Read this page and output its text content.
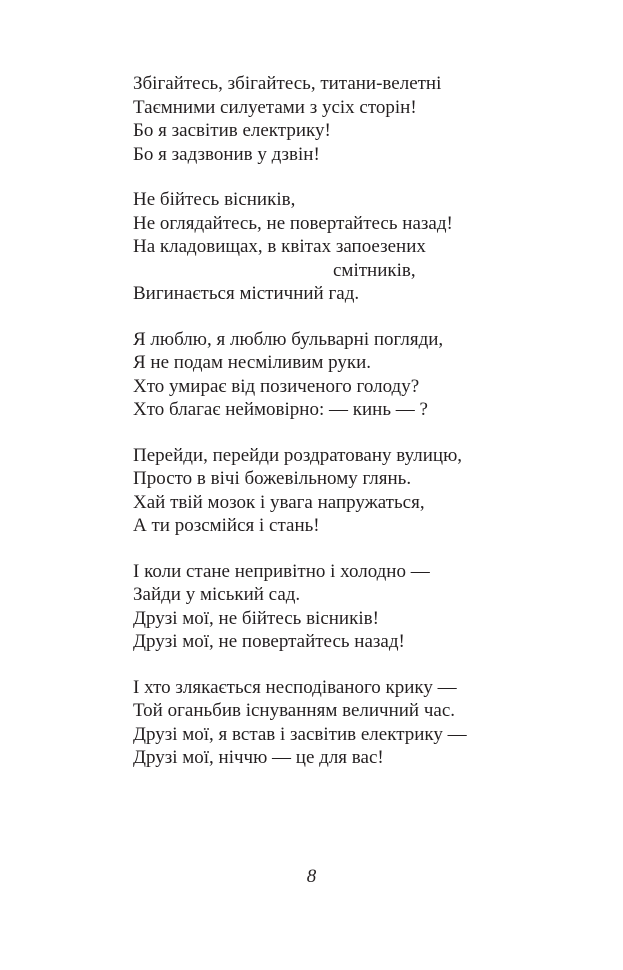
Збігайтесь, збігайтесь, титани-велетні
Таємними силуетами з усіх сторін!
Бо я засвітив електрику!
Бо я задзвонив у дзвін!
Не бійтесь вісників,
Не оглядайтесь, не повертайтесь назад!
На кладовищах, в квітах запоезених
смітників,
Вигинається містичний гад.
Я люблю, я люблю бульварні погляди,
Я не подам несміливим руки.
Хто умирає від позиченого голоду?
Хто благає неймовірно: — кинь — ?
Перейди, перейди роздратовану вулицю,
Просто в вічі божевільному глянь.
Хай твій мозок і увага напружаться,
А ти розсмійся і стань!
І коли стане непривітно і холодно —
Зайди у міський сад.
Друзі мої, не бійтесь вісників!
Друзі мої, не повертайтесь назад!
І хто злякається несподіваного крику —
Той оганьбив існуванням величний час.
Друзі мої, я встав і засвітив електрику —
Друзі мої, ніччю — це для вас!
8
